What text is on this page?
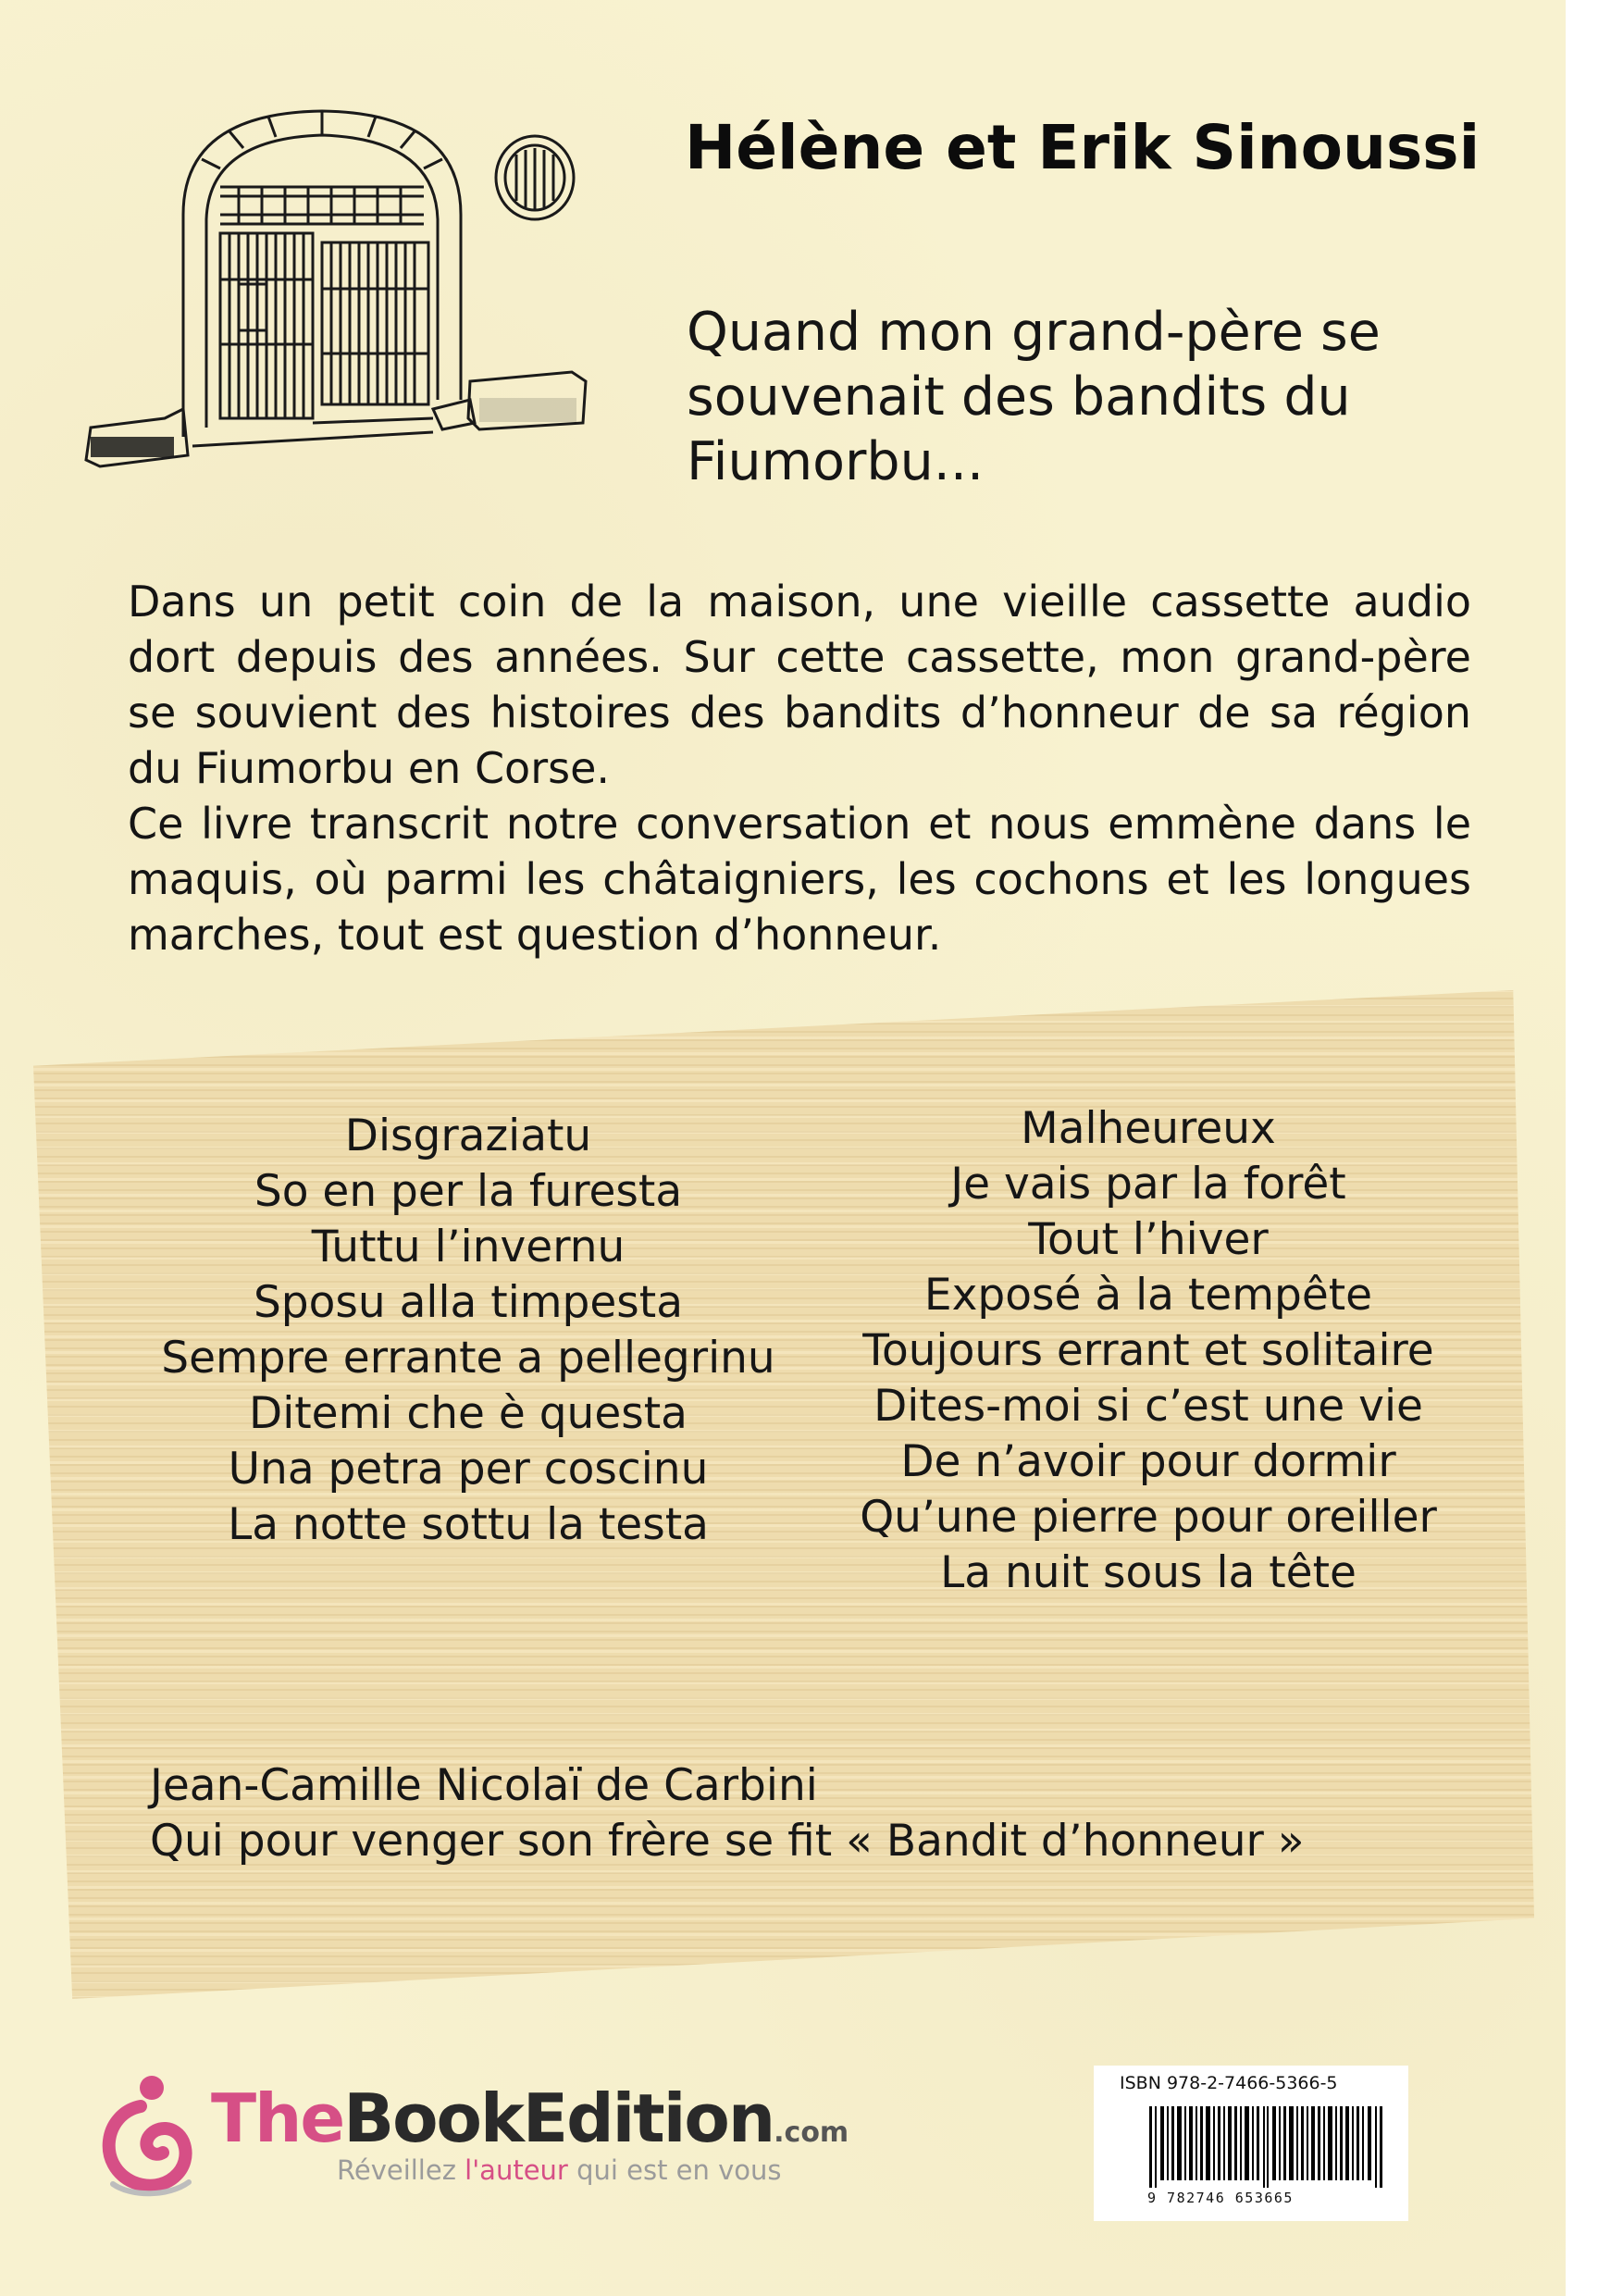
Hélène et Erik Sinoussi
Quand mon grand-père se souvenait des bandits du Fiumorbu...

Dans un petit coin de la maison, une vieille cassette audio dort depuis des années. Sur cette cassette, mon grand-père se souvient des histoires des bandits d’honneur de sa région du Fiumorbu en Corse.

Ce livre transcrit notre conversation et nous emmène dans le maquis, où parmi les châtaigniers, les cochons et les longues marches, tout est question d’honneur.

Disgraziatu
So en per la furesta
Tuttu l’invernu
Sposu alla timpesta
Sempre errante a pellegrinu
Ditemi che è questa
Una petra per coscinu
La notte sottu la testa
Malheureux
Je vais par la forêt
Tout l’hiver
Exposé à la tempête
Toujours errant et solitaire
Dites-moi si c’est une vie
De n’avoir pour dormir
Qu’une pierre pour oreiller
La nuit sous la tête

Jean-Camille Nicolaï de Carbini
Qui pour venger son frère se fit « Bandit d’honneur »

TheBookEdition.com
Réveillez l'auteur qui est en vous
ISBN 978-2-7466-5366-5
9 782746 653665
